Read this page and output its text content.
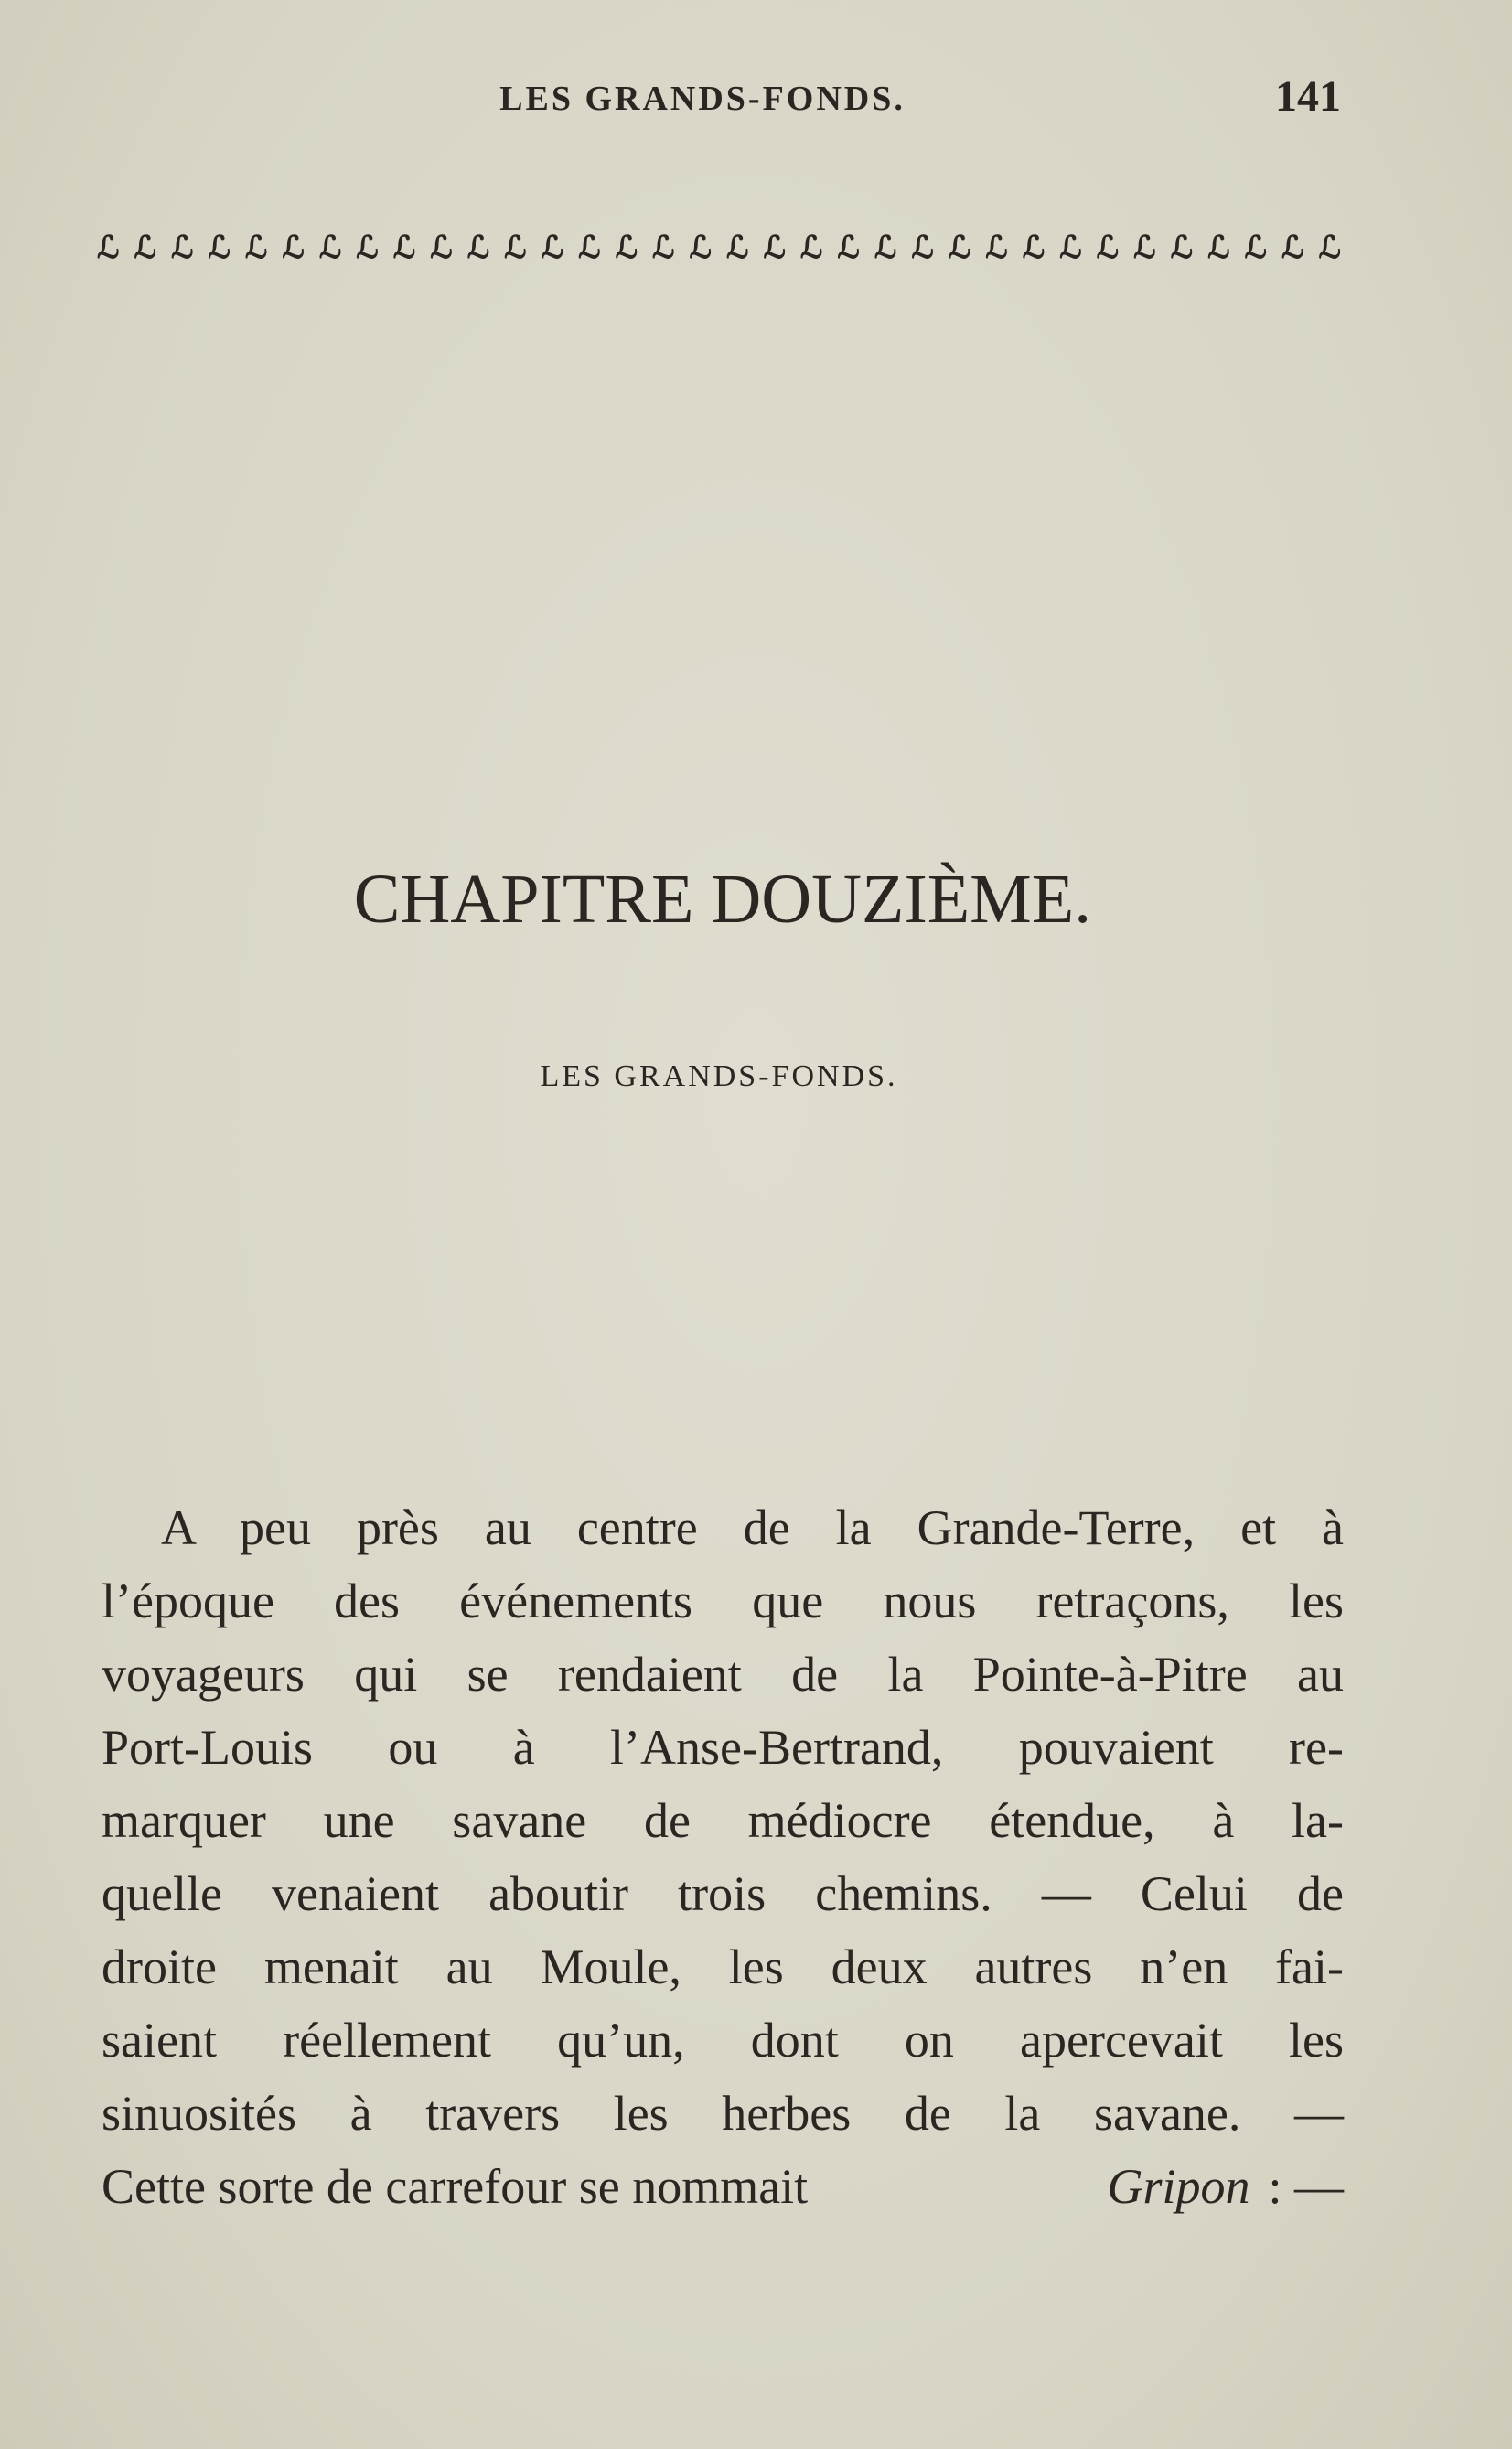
LES GRANDS-FONDS.	141
ℒ ℒ ℒ ℒ ℒ ℒ ℒ ℒ ℒ ℒ ℒ ℒ ℒ ℒ ℒ ℒ ℒ ℒ ℒ ℒ ℒ ℒ ℒ ℒ ℒ ℒ ℒ ℒ ℒ ℒ ℒ ℒ ℒ ℒ
CHAPITRE DOUZIÈME.
LES GRANDS-FONDS.
A peu près au centre de la Grande-Terre, et à
l’époque des événements que nous retraçons, les
voyageurs qui se rendaient de la Pointe-à-Pitre au
Port-Louis ou à l’Anse-Bertrand, pouvaient re-
marquer une savane de médiocre étendue, à la-
quelle venaient aboutir trois chemins. — Celui de
droite menait au Moule, les deux autres n’en fai-
saient réellement qu’un, dont on apercevait les
sinuosités à travers les herbes de la savane. —
Cette sorte de carrefour se nommait	Gripon : —
